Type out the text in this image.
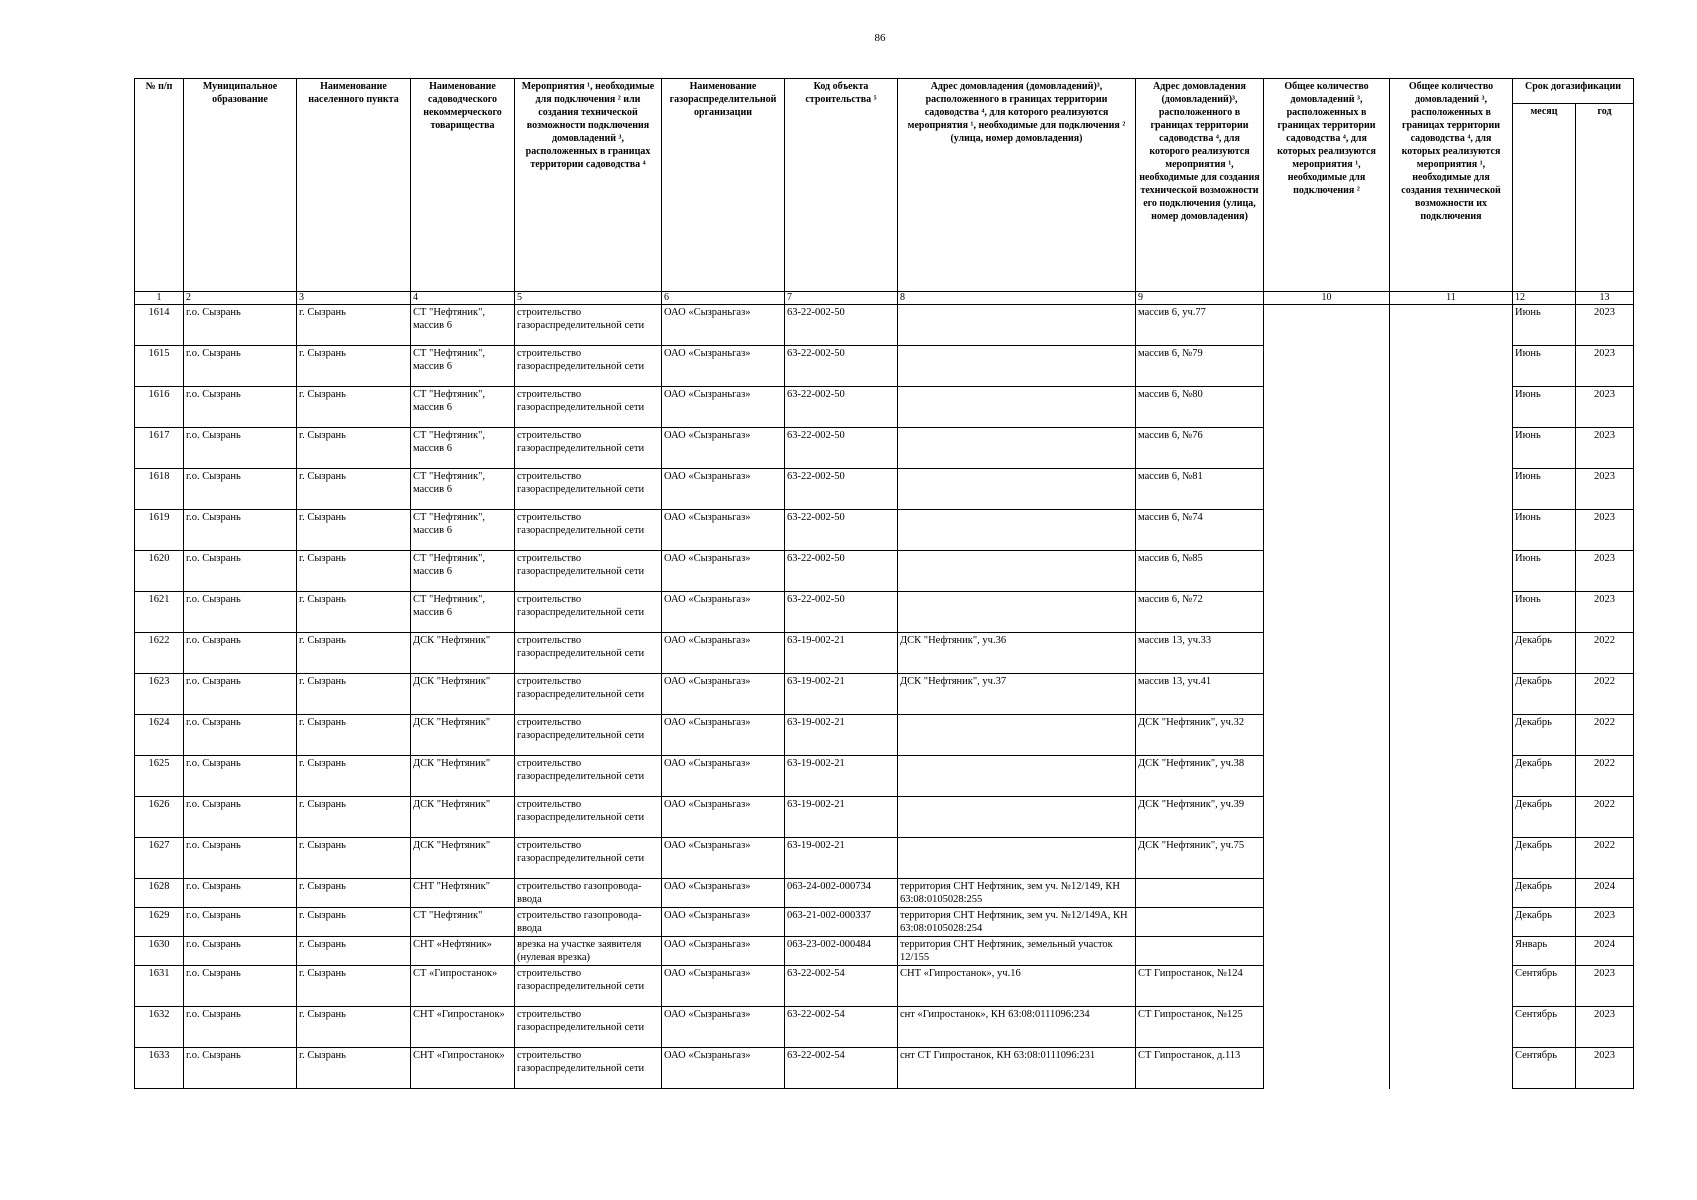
86
№ п/п	Муниципальное образование	Наименование населенного пункта	Наименование садоводческого некоммерческого товарищества	Мероприятия ¹, необходимые для подключения ² или создания технической возможности подключения домовладений ³, расположенных в границах территории садоводства ⁴	Наименование газораспределительной организации	Код объекта строительства ⁵	Адрес домовладения (домовладений)³, расположенного в границах территории садоводства ⁴, для которого реализуются мероприятия ¹, необходимые для подключения ² (улица, номер домовладения)	Адрес домовладения (домовладений)³, расположенного в границах территории садоводства ⁴, для которого реализуются мероприятия ¹, необходимые для создания технической возможности его подключения (улица, номер домовладения)	Общее количество домовладений ³, расположенных в границах территории садоводства ⁴, для которых реализуются мероприятия ¹, необходимые для подключения ²	Общее количество домовладений ³, расположенных в границах территории садоводства ⁴, для которых реализуются мероприятия ¹, необходимые для создания технической возможности их подключения	Срок догазификации	
											месяц	год
1	2	3	4	5	6	7	8	9	10	11	12	13
1614	г.о. Сызрань	г. Сызрань	СТ "Нефтяник", массив 6	строительство газораспределительной сети	ОАО «Сызраньгаз»	63-22-002-50		массив 6, уч.77			Июнь	2023
1615	г.о. Сызрань	г. Сызрань	СТ "Нефтяник", массив 6	строительство газораспределительной сети	ОАО «Сызраньгаз»	63-22-002-50		массив 6, №79			Июнь	2023
1616	г.о. Сызрань	г. Сызрань	СТ "Нефтяник", массив 6	строительство газораспределительной сети	ОАО «Сызраньгаз»	63-22-002-50		массив 6, №80			Июнь	2023
1617	г.о. Сызрань	г. Сызрань	СТ "Нефтяник", массив 6	строительство газораспределительной сети	ОАО «Сызраньгаз»	63-22-002-50		массив 6, №76			Июнь	2023
1618	г.о. Сызрань	г. Сызрань	СТ "Нефтяник", массив 6	строительство газораспределительной сети	ОАО «Сызраньгаз»	63-22-002-50		массив 6, №81			Июнь	2023
1619	г.о. Сызрань	г. Сызрань	СТ "Нефтяник", массив 6	строительство газораспределительной сети	ОАО «Сызраньгаз»	63-22-002-50		массив 6, №74			Июнь	2023
1620	г.о. Сызрань	г. Сызрань	СТ "Нефтяник", массив 6	строительство газораспределительной сети	ОАО «Сызраньгаз»	63-22-002-50		массив 6, №85			Июнь	2023
1621	г.о. Сызрань	г. Сызрань	СТ "Нефтяник", массив 6	строительство газораспределительной сети	ОАО «Сызраньгаз»	63-22-002-50		массив 6, №72			Июнь	2023
1622	г.о. Сызрань	г. Сызрань	ДСК "Нефтяник"	строительство газораспределительной сети	ОАО «Сызраньгаз»	63-19-002-21	ДСК "Нефтяник", уч.36	массив 13, уч.33			Декабрь	2022
1623	г.о. Сызрань	г. Сызрань	ДСК "Нефтяник"	строительство газораспределительной сети	ОАО «Сызраньгаз»	63-19-002-21	ДСК "Нефтяник", уч.37	массив 13, уч.41			Декабрь	2022
1624	г.о. Сызрань	г. Сызрань	ДСК "Нефтяник"	строительство газораспределительной сети	ОАО «Сызраньгаз»	63-19-002-21		ДСК "Нефтяник", уч.32			Декабрь	2022
1625	г.о. Сызрань	г. Сызрань	ДСК "Нефтяник"	строительство газораспределительной сети	ОАО «Сызраньгаз»	63-19-002-21		ДСК "Нефтяник", уч.38			Декабрь	2022
1626	г.о. Сызрань	г. Сызрань	ДСК "Нефтяник"	строительство газораспределительной сети	ОАО «Сызраньгаз»	63-19-002-21		ДСК "Нефтяник", уч.39			Декабрь	2022
1627	г.о. Сызрань	г. Сызрань	ДСК "Нефтяник"	строительство газораспределительной сети	ОАО «Сызраньгаз»	63-19-002-21		ДСК "Нефтяник", уч.75			Декабрь	2022
1628	г.о. Сызрань	г. Сызрань	СНТ "Нефтяник"	строительство газопровода-ввода	ОАО «Сызраньгаз»	063-24-002-000734	территория СНТ Нефтяник, зем уч. №12/149, КН 63:08:0105028:255				Декабрь	2024
1629	г.о. Сызрань	г. Сызрань	СТ "Нефтяник"	строительство газопровода-ввода	ОАО «Сызраньгаз»	063-21-002-000337	территория СНТ Нефтяник, зем уч. №12/149А, КН 63:08:0105028:254				Декабрь	2023
1630	г.о. Сызрань	г. Сызрань	СНТ «Нефтяник»	врезка на участке заявителя (нулевая врезка)	ОАО «Сызраньгаз»	063-23-002-000484	территория СНТ Нефтяник, земельный участок 12/155				Январь	2024
1631	г.о. Сызрань	г. Сызрань	СТ «Гипростанок»	строительство газораспределительной сети	ОАО «Сызраньгаз»	63-22-002-54	СНТ «Гипростанок», уч.16	СТ Гипростанок, №124			Сентябрь	2023
1632	г.о. Сызрань	г. Сызрань	СНТ «Гипростанок»	строительство газораспределительной сети	ОАО «Сызраньгаз»	63-22-002-54	снт «Гипростанок», КН 63:08:0111096:234	СТ Гипростанок, №125			Сентябрь	2023
1633	г.о. Сызрань	г. Сызрань	СНТ «Гипростанок»	строительство газораспределительной сети	ОАО «Сызраньгаз»	63-22-002-54	снт СТ Гипростанок, КН 63:08:0111096:231	СТ Гипростанок, д.113			Сентябрь	2023
